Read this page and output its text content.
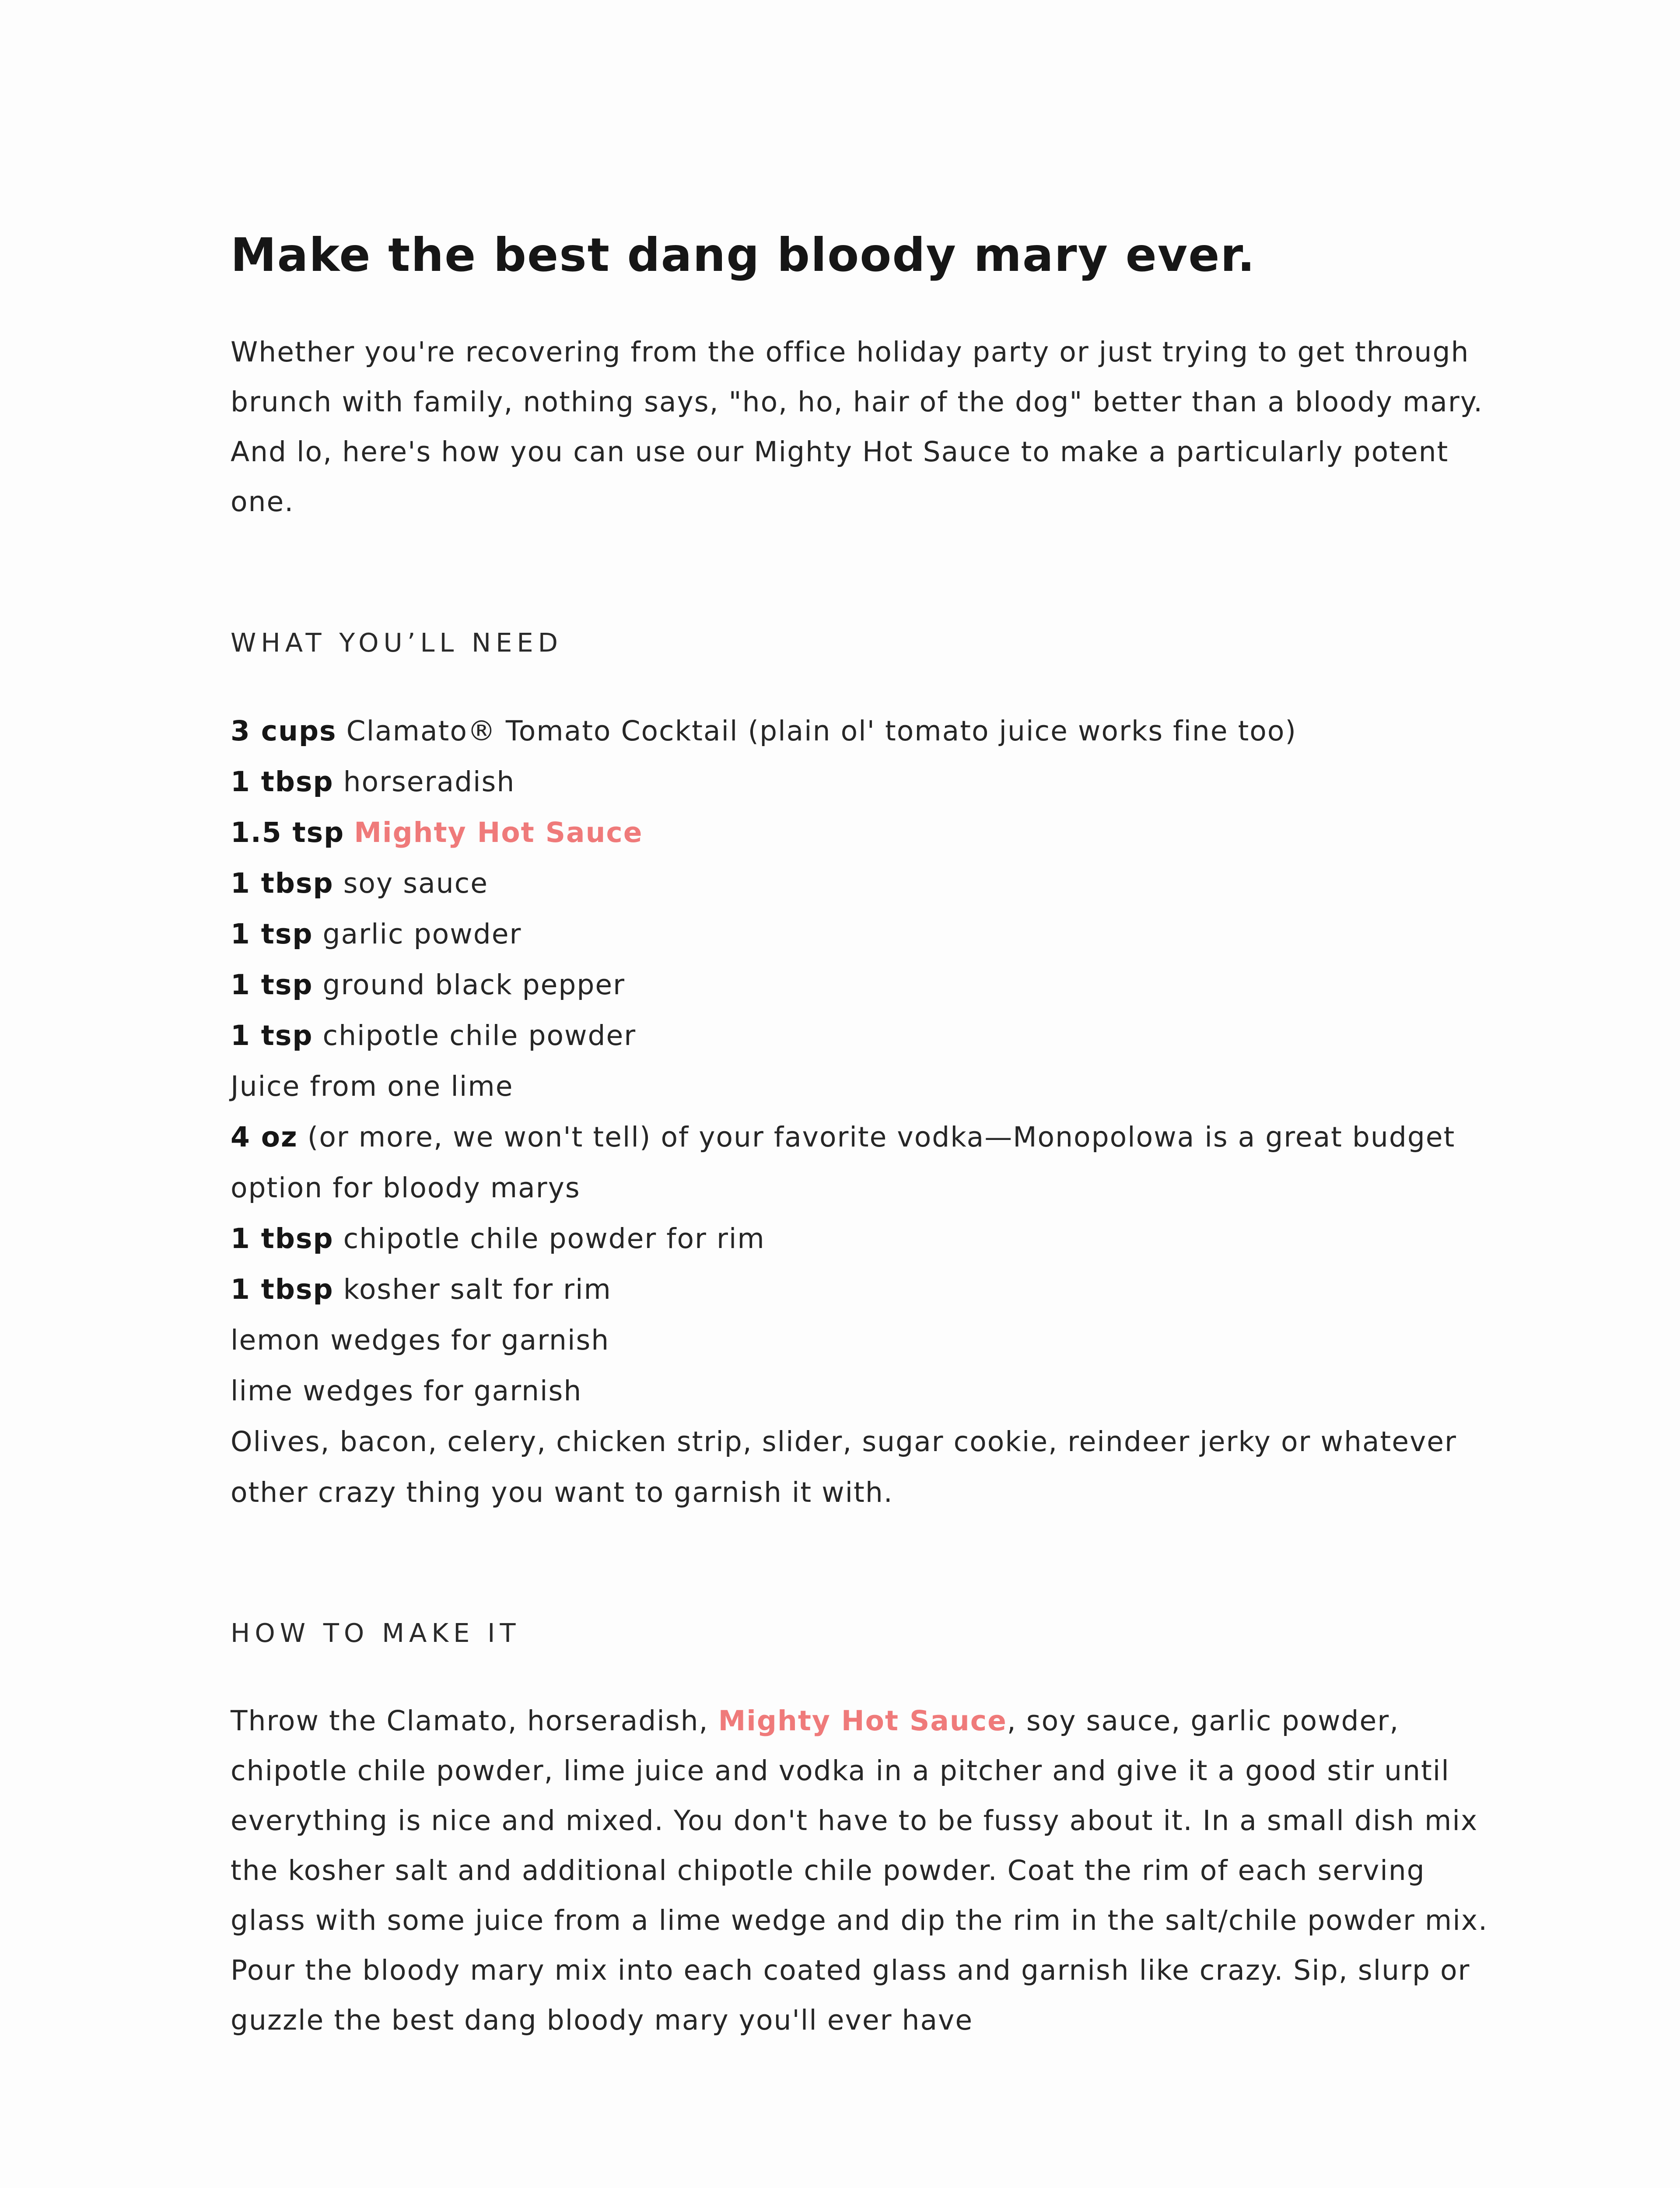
Make the best dang bloody mary ever.

Whether you're recovering from the office holiday party or just trying to get through brunch with family, nothing says, "ho, ho, hair of the dog" better than a bloody mary. And lo, here's how you can use our Mighty Hot Sauce to make a particularly potent one.

WHAT YOU’LL NEED
3 cups Clamato® Tomato Cocktail (plain ol' tomato juice works fine too)
1 tbsp horseradish
1.5 tsp Mighty Hot Sauce
1 tbsp soy sauce
1 tsp garlic powder
1 tsp ground black pepper
1 tsp chipotle chile powder
Juice from one lime
4 oz (or more, we won't tell) of your favorite vodka—Monopolowa is a great budget option for bloody marys
1 tbsp chipotle chile powder for rim
1 tbsp kosher salt for rim
lemon wedges for garnish
lime wedges for garnish
Olives, bacon, celery, chicken strip, slider, sugar cookie, reindeer jerky or whatever other crazy thing you want to garnish it with.
HOW TO MAKE IT

Throw the Clamato, horseradish, Mighty Hot Sauce, soy sauce, garlic powder, chipotle chile powder, lime juice and vodka in a pitcher and give it a good stir until everything is nice and mixed. You don't have to be fussy about it. In a small dish mix the kosher salt and additional chipotle chile powder. Coat the rim of each serving glass with some juice from a lime wedge and dip the rim in the salt/chile powder mix. Pour the bloody mary mix into each coated glass and garnish like crazy. Sip, slurp or guzzle the best dang bloody mary you'll ever have
